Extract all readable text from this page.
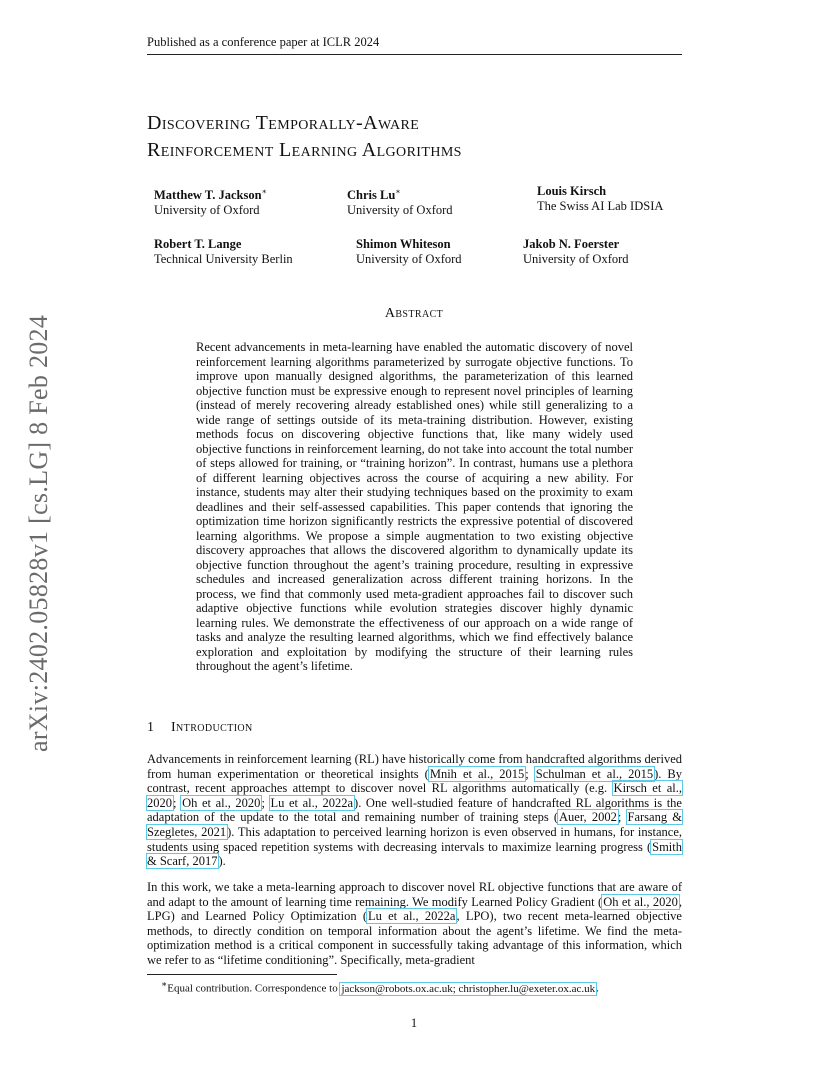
Published as a conference paper at ICLR 2024
arXiv:2402.05828v1 [cs.LG] 8 Feb 2024
Discovering Temporally-Aware
Reinforcement Learning Algorithms
Matthew T. Jackson∗
University of Oxford
Chris Lu∗
University of Oxford
Louis Kirsch
The Swiss AI Lab IDSIA
Robert T. Lange
Technical University Berlin
Shimon Whiteson
University of Oxford
Jakob N. Foerster
University of Oxford
Abstract
Recent advancements in meta-learning have enabled the automatic discovery of novel reinforcement learning algorithms parameterized by surrogate objective functions. To improve upon manually designed algorithms, the parameterization of this learned objective function must be expressive enough to represent novel principles of learning (instead of merely recovering already established ones) while still generalizing to a wide range of settings outside of its meta-training distribution. However, existing methods focus on discovering objective functions that, like many widely used objective functions in reinforcement learning, do not take into account the total number of steps allowed for training, or “training horizon”. In contrast, humans use a plethora of different learning objectives across the course of acquiring a new ability. For instance, students may alter their studying techniques based on the proximity to exam deadlines and their self-assessed capabilities. This paper contends that ignoring the optimization time horizon significantly restricts the expressive potential of discovered learning algorithms. We propose a simple augmentation to two existing objective discovery approaches that allows the discovered algorithm to dynamically update its objective function throughout the agent’s training procedure, resulting in expressive schedules and increased generalization across different training horizons. In the process, we find that commonly used meta-gradient approaches fail to discover such adaptive objective functions while evolution strategies discover highly dynamic learning rules. We demonstrate the effectiveness of our approach on a wide range of tasks and analyze the resulting learned algorithms, which we find effectively balance exploration and exploitation by modifying the structure of their learning rules throughout the agent’s lifetime.
1 Introduction
Advancements in reinforcement learning (RL) have historically come from handcrafted algorithms derived from human experimentation or theoretical insights (Mnih et al., 2015; Schulman et al., 2015). By contrast, recent approaches attempt to discover novel RL algorithms automatically (e.g. Kirsch et al., 2020; Oh et al., 2020; Lu et al., 2022a). One well-studied feature of handcrafted RL algorithms is the adaptation of the update to the total and remaining number of training steps (Auer, 2002; Farsang & Szegletes, 2021). This adaptation to perceived learning horizon is even observed in humans, for instance, students using spaced repetition systems with decreasing intervals to maximize learning progress (Smith & Scarf, 2017).
In this work, we take a meta-learning approach to discover novel RL objective functions that are aware of and adapt to the amount of learning time remaining. We modify Learned Policy Gradient (Oh et al., 2020, LPG) and Learned Policy Optimization (Lu et al., 2022a, LPO), two recent meta-learned objective methods, to directly condition on temporal information about the agent’s lifetime. We find the meta-optimization method is a critical component in successfully taking advantage of this information, which we refer to as “lifetime conditioning”. Specifically, meta-gradient
∗Equal contribution. Correspondence to jackson@robots.ox.ac.uk; christopher.lu@exeter.ox.ac.uk.
1
